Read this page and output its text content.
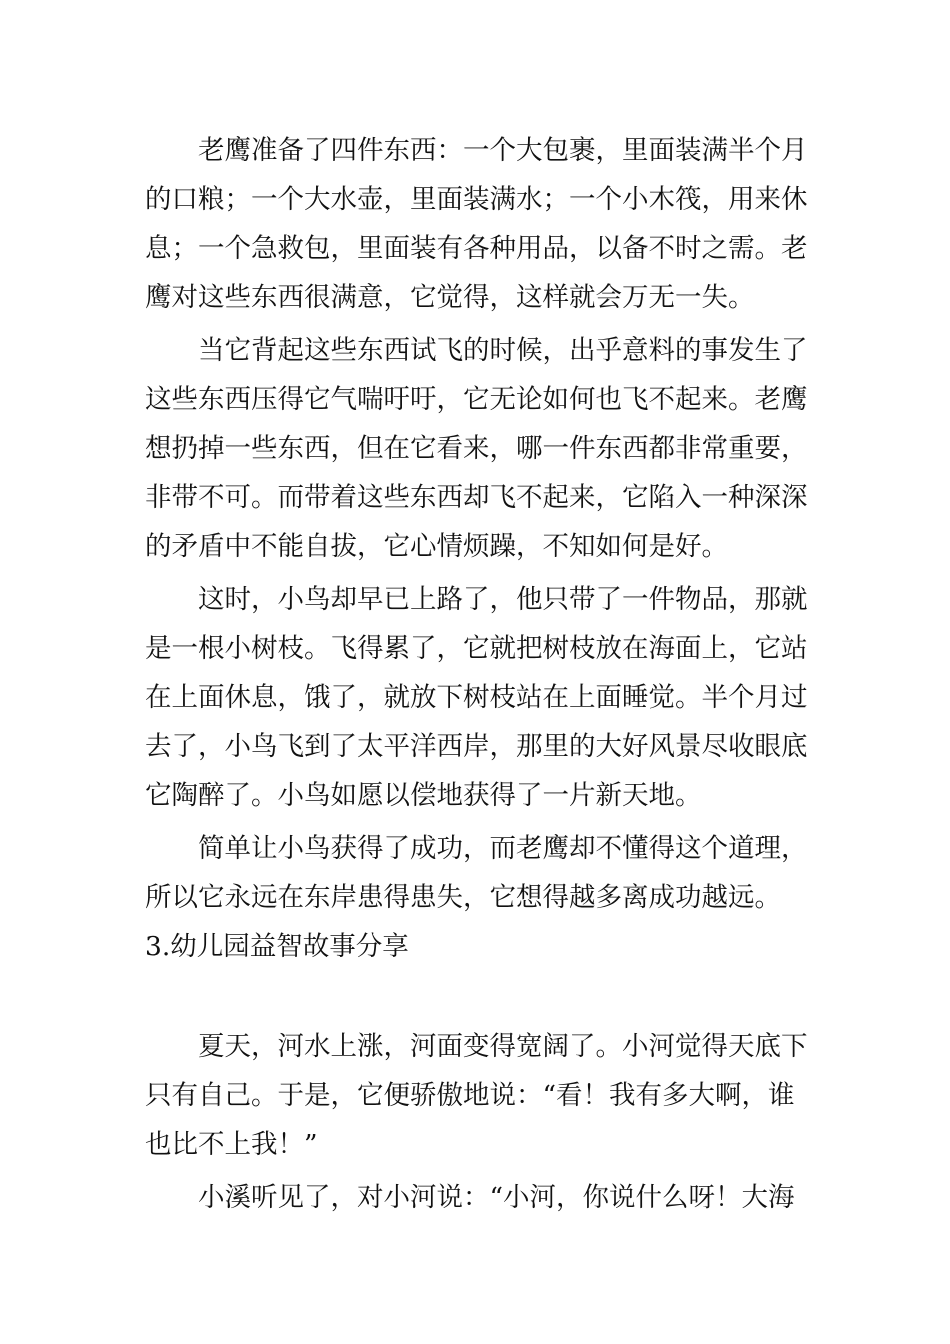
老鹰准备了四件东西：一个大包裹，里面装满半个月
的口粮；一个大水壶，里面装满水；一个小木筏，用来休
息；一个急救包，里面装有各种用品，以备不时之需。老
鹰对这些东西很满意，它觉得，这样就会万无一失。
当它背起这些东西试飞的时候，出乎意料的事发生了
这些东西压得它气喘吁吁，它无论如何也飞不起来。老鹰
想扔掉一些东西，但在它看来，哪一件东西都非常重要，
非带不可。而带着这些东西却飞不起来，它陷入一种深深
的矛盾中不能自拔，它心情烦躁，不知如何是好。
这时，小鸟却早已上路了，他只带了一件物品，那就
是一根小树枝。飞得累了，它就把树枝放在海面上，它站
在上面休息，饿了，就放下树枝站在上面睡觉。半个月过
去了，小鸟飞到了太平洋西岸，那里的大好风景尽收眼底
它陶醉了。小鸟如愿以偿地获得了一片新天地。
简单让小鸟获得了成功，而老鹰却不懂得这个道理，
所以它永远在东岸患得患失，它想得越多离成功越远。
3.幼儿园益智故事分享
夏天，河水上涨，河面变得宽阔了。小河觉得天底下
只有自己。于是，它便骄傲地说：“看！我有多大啊，谁
也比不上我！”
小溪听见了，对小河说：“小河，你说什么呀！大海
